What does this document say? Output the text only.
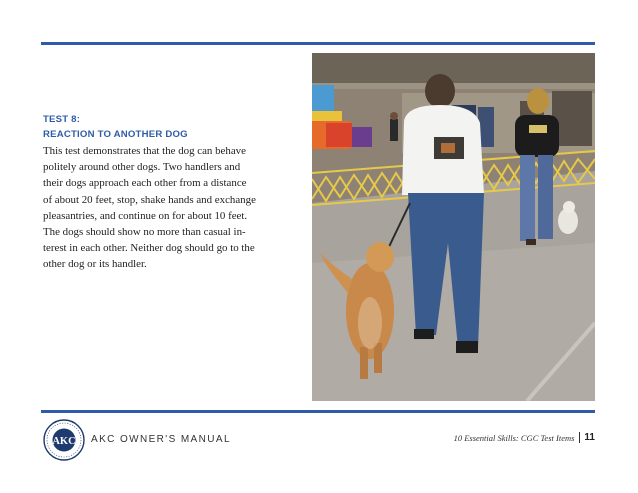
TEST 8:
REACTION TO ANOTHER DOG

This test demonstrates that the dog can behave
politely around other dogs. Two handlers and
their dogs approach each other from a distance
of about 20 feet, stop, shake hands and exchange
pleasantries, and continue on for about 10 feet.
The dogs should show no more than casual in-
terest in each other. Neither dog should go to the
other dog or its handler.

AKC AKC OWNER'S MANUAL	10 Essential Skills: CGC Test Items 11
